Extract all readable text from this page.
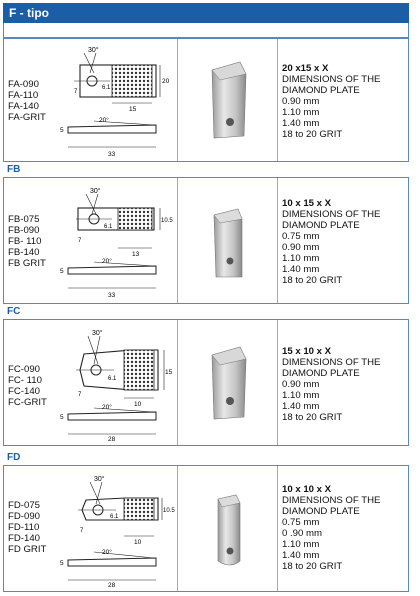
F - tipo
FA-090
FA-110
FA-140
FA-GRIT
30°
6.1
7
15
20
20°
5
33
20 x15 x X
DIMENSIONS OF THE
DIAMOND PLATE
0.90 mm
1.10 mm
1.40 mm
18 to 20 GRIT
FB
FB-075
FB-090
FB- 110
FB-140
FB GRIT
30°
6.1
7
13
10.5
20°
5
33
10 x 15 x X
DIMENSIONS OF THE
DIAMOND PLATE
0.75 mm
0.90 mm
1.10 mm
1.40 mm
18 to 20 GRIT
FC
FC-090
FC- 110
FC-140
FC-GRIT
30°
6.1
7
10
15
20°
5
28
15 x 10 x X
DIMENSIONS OF THE
DIAMOND PLATE
0.90 mm
1.10 mm
1.40 mm
18 to 20 GRIT
FD
FD-075
FD-090
FD-110
FD-140
FD GRIT
30°
6.1
7
10
10.5
20°
5
28
10 x 10 x X
DIMENSIONS OF THE
DIAMOND PLATE
0.75 mm
0 .90 mm
1.10 mm
1.40 mm
18 to 20 GRIT
